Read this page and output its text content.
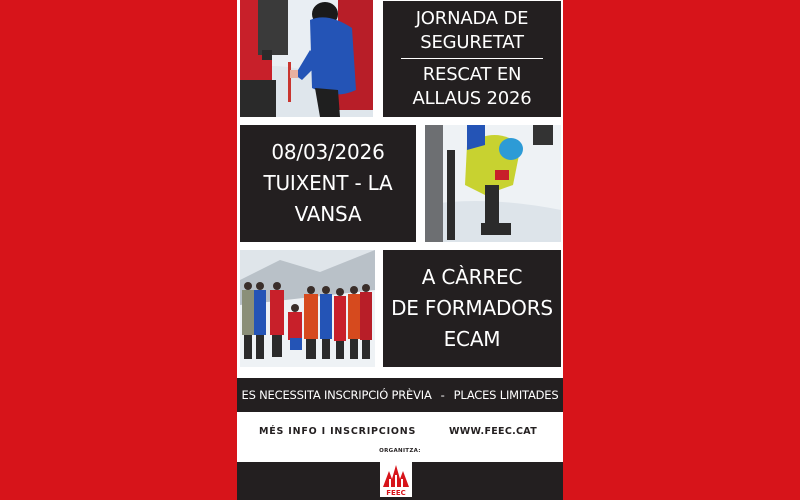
JORNADA DE
SEGURETAT
RESCAT EN
ALLAUS 2026
08/03/2026
TUIXENT - LA
VANSA
A CÀRREC
DE FORMADORS
ECAM
ES NECESSITA INSCRIPCIÓ PRÈVIA - PLACES LIMITADES
MÉS INFO I INSCRIPCIONS	WWW.FEEC.CAT
ORGANITZA:
FEEC
